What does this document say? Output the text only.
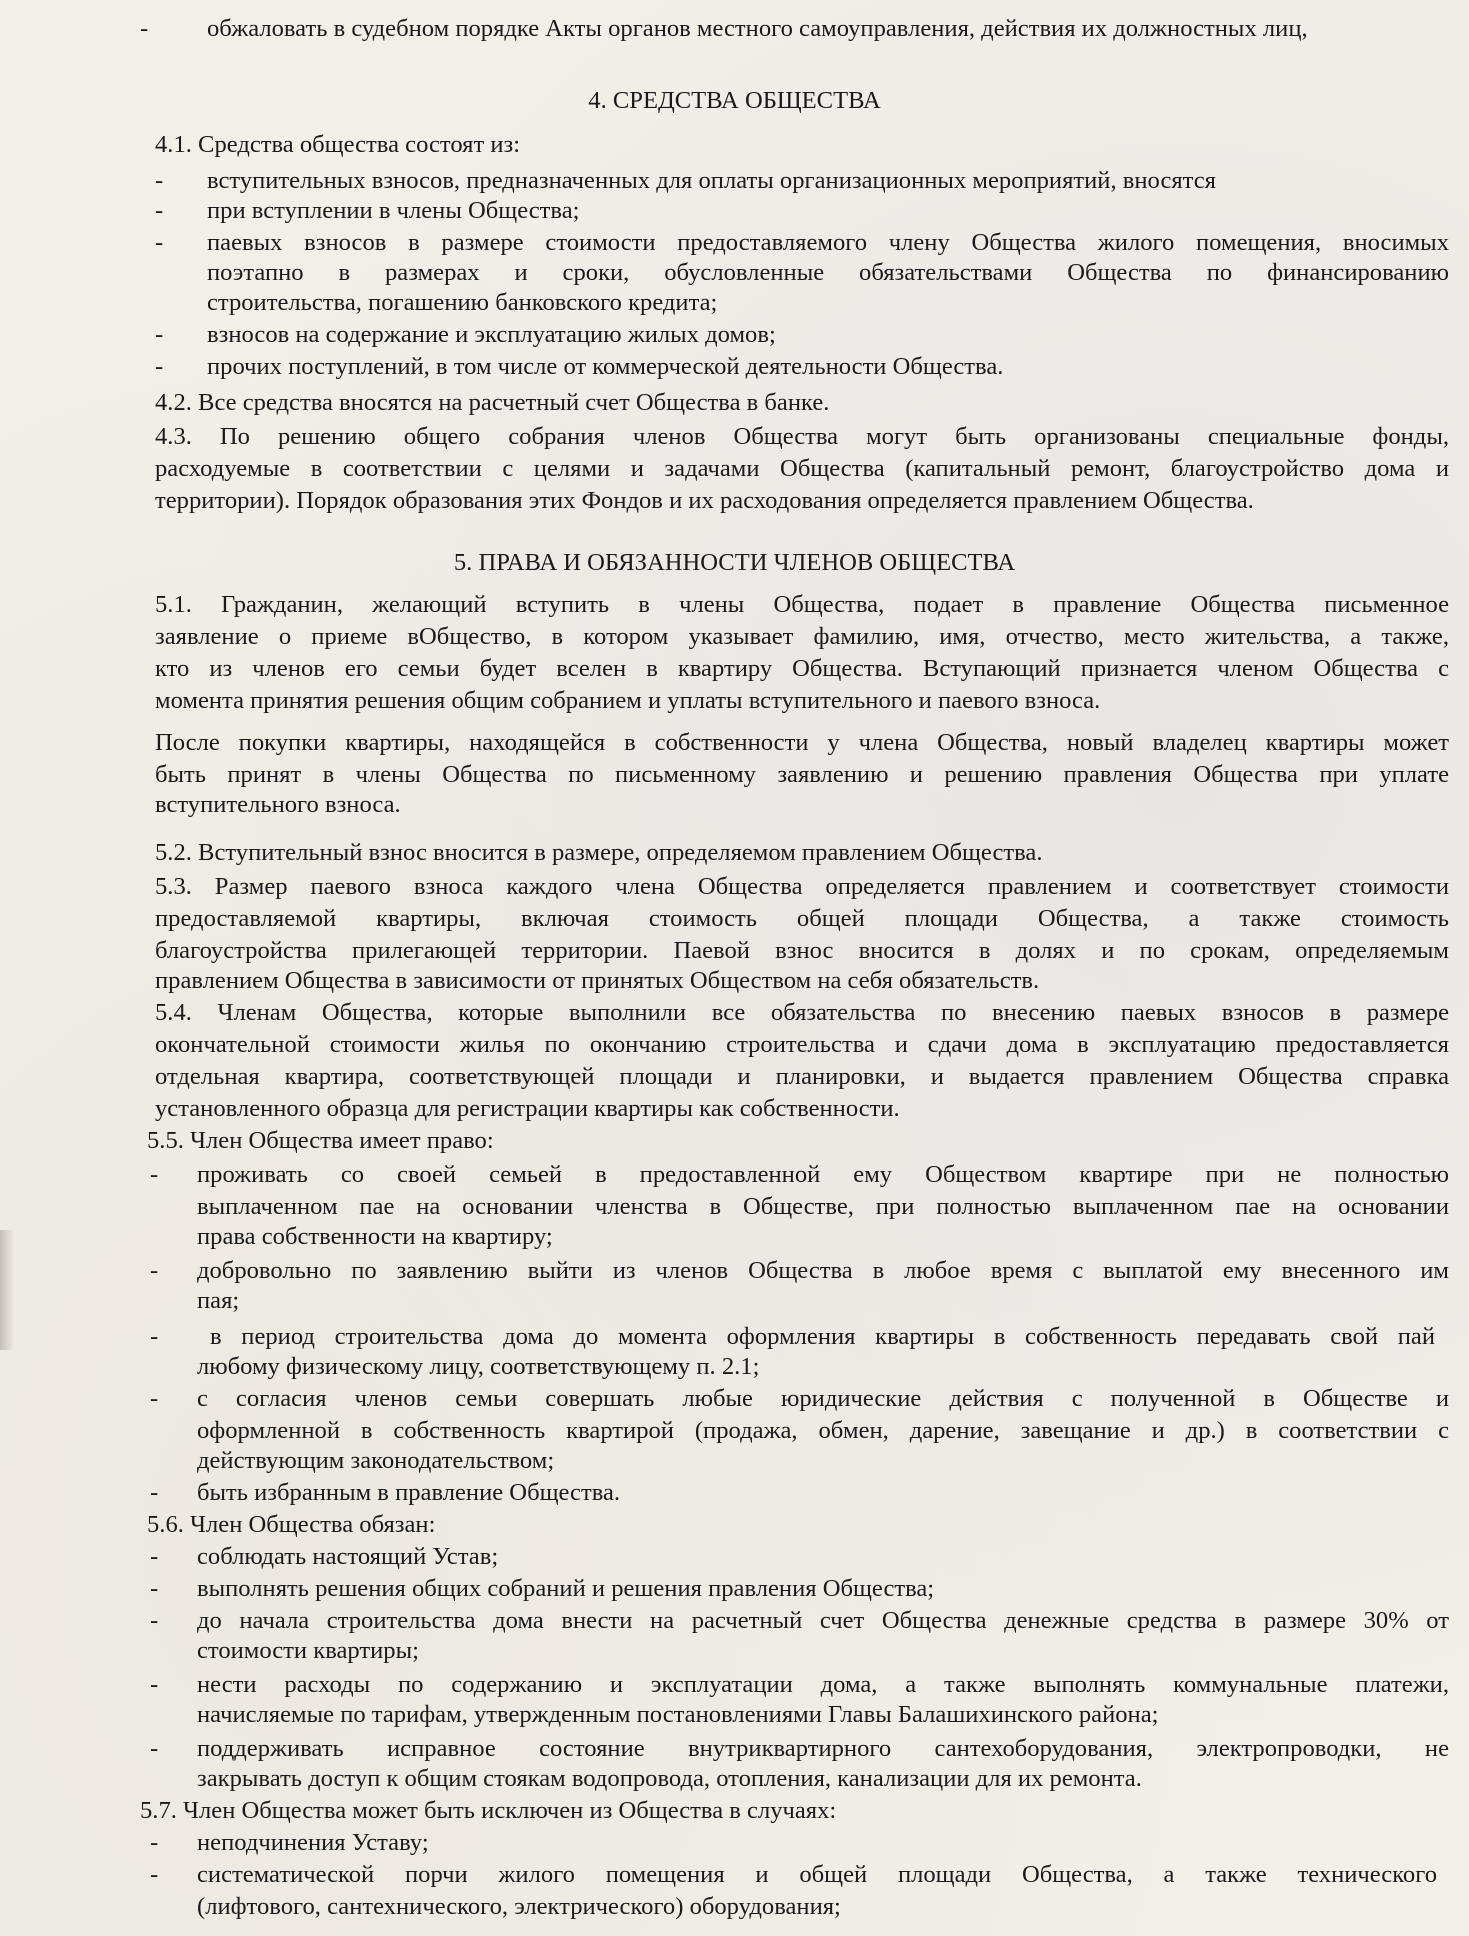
- обжаловать в судебном порядке Акты органов местного самоуправления, действия их должностных лиц,
4. СРЕДСТВА ОБЩЕСТВА
4.1. Средства общества состоят из:
- вступительных взносов, предназначенных для оплаты организационных мероприятий, вносятся
- при вступлении в члены Общества;
- паевых взносов в размере стоимости предоставляемого члену Общества жилого помещения, вносимых
поэтапно в размерах и сроки, обусловленные обязательствами Общества по финансированию
строительства, погашению банковского кредита;
- взносов на содержание и эксплуатацию жилых домов;
- прочих поступлений, в том числе от коммерческой деятельности Общества.
4.2. Все средства вносятся на расчетный счет Общества в банке.
4.3. По решению общего собрания членов Общества могут быть организованы специальные фонды,
расходуемые в соответствии с целями и задачами Общества (капитальный ремонт, благоустройство дома и
территории). Порядок образования этих Фондов и их расходования определяется правлением Общества.
5. ПРАВА И ОБЯЗАННОСТИ ЧЛЕНОВ ОБЩЕСТВА
5.1. Гражданин, желающий вступить в члены Общества, подает в правление Общества письменное
заявление о приеме вОбщество, в котором указывает фамилию, имя, отчество, место жительства, а также,
кто из членов его семьи будет вселен в квартиру Общества. Вступающий признается членом Общества с
момента принятия решения общим собранием и уплаты вступительного и паевого взноса.
После покупки квартиры, находящейся в собственности у члена Общества, новый владелец квартиры может
быть принят в члены Общества по письменному заявлению и решению правления Общества при уплате
вступительного взноса.
5.2. Вступительный взнос вносится в размере, определяемом правлением Общества.
5.3. Размер паевого взноса каждого члена Общества определяется правлением и соответствует стоимости
предоставляемой квартиры, включая стоимость общей площади Общества, а также стоимость
благоустройства прилегающей территории. Паевой взнос вносится в долях и по срокам, определяемым
правлением Общества в зависимости от принятых Обществом на себя обязательств.
5.4. Членам Общества, которые выполнили все обязательства по внесению паевых взносов в размере
окончательной стоимости жилья по окончанию строительства и сдачи дома в эксплуатацию предоставляется
отдельная квартира, соответствующей площади и планировки, и выдается правлением Общества справка
установленного образца для регистрации квартиры как собственности.
5.5. Член Общества имеет право:
- проживать со своей семьей в предоставленной ему Обществом квартире при не полностью
выплаченном пае на основании членства в Обществе, при полностью выплаченном пае на основании
права собственности на квартиру;
- добровольно по заявлению выйти из членов Общества в любое время с выплатой ему внесенного им
пая;
- в период строительства дома до момента оформления квартиры в собственность передавать свой пай
любому физическому лицу, соответствующему п. 2.1;
- с согласия членов семьи совершать любые юридические действия с полученной в Обществе и
оформленной в собственность квартирой (продажа, обмен, дарение, завещание и др.) в соответствии с
действующим законодательством;
- быть избранным в правление Общества.
5.6. Член Общества обязан:
- соблюдать настоящий Устав;
- выполнять решения общих собраний и решения правления Общества;
- до начала строительства дома внести на расчетный счет Общества денежные средства в размере 30% от
стоимости квартиры;
- нести расходы по содержанию и эксплуатации дома, а также выполнять коммунальные платежи,
начисляемые по тарифам, утвержденным постановлениями Главы Балашихинского района;
- поддерживать исправное состояние внутриквартирного сантехоборудования, электропроводки, не
закрывать доступ к общим стоякам водопровода, отопления, канализации для их ремонта.
5.7. Член Общества может быть исключен из Общества в случаях:
- неподчинения Уставу;
- систематической порчи жилого помещения и общей площади Общества, а также технического
(лифтового, сантехнического, электрического) оборудования;
